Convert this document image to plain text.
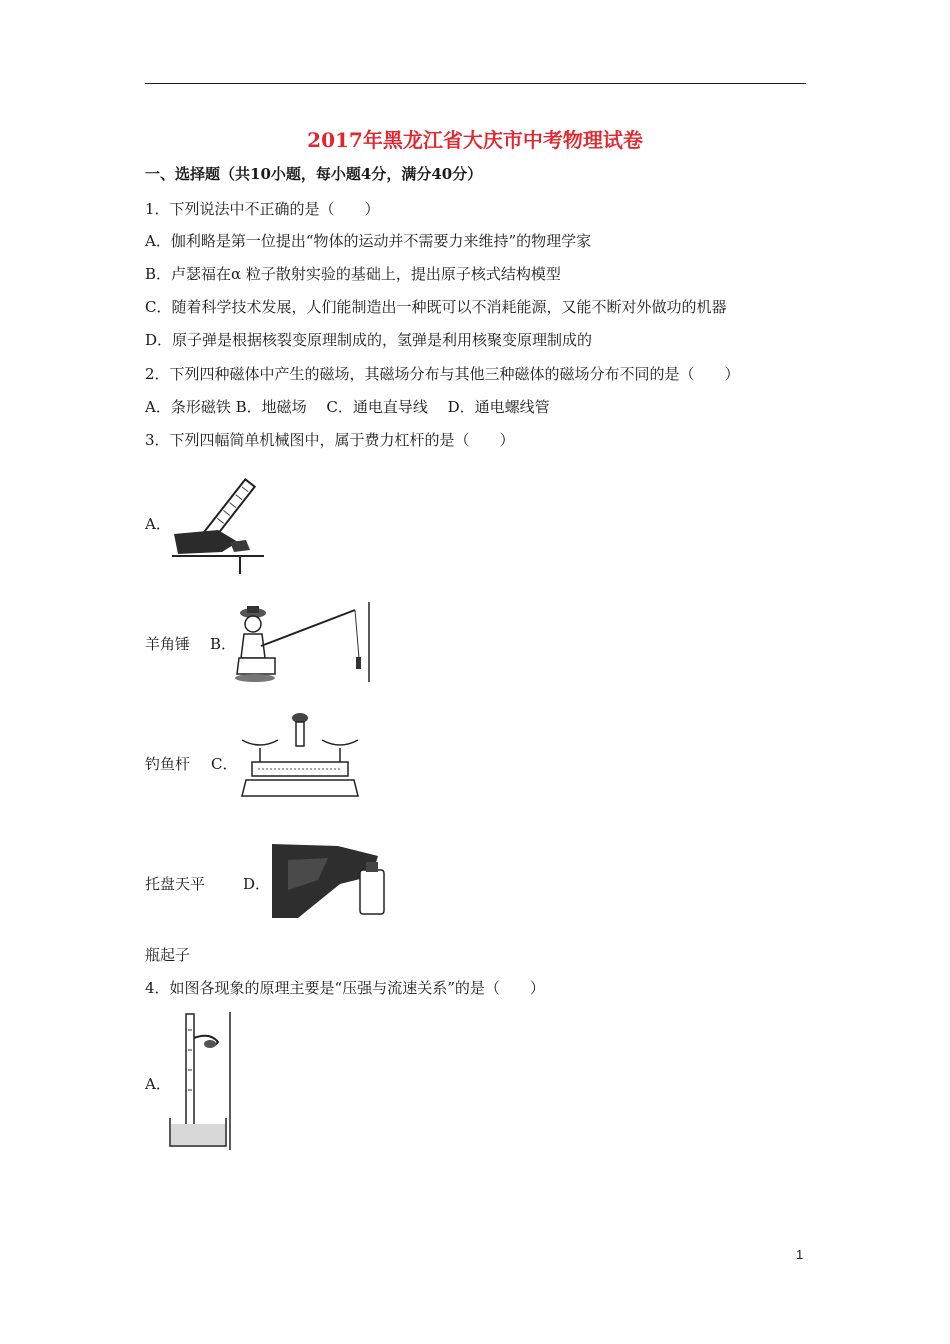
2017年黑龙江省大庆市中考物理试卷
一、选择题（共10小题，每小题4分，满分40分）
1．下列说法中不正确的是（　　）
A．伽利略是第一位提出“物体的运动并不需要力来维持”的物理学家
B．卢瑟福在α 粒子散射实验的基础上，提出原子核式结构模型
C．随着科学技术发展，人们能制造出一种既可以不消耗能源，又能不断对外做功的机器
D．原子弹是根据核裂变原理制成的，氢弹是利用核聚变原理制成的
2．下列四种磁体中产生的磁场，其磁场分布与其他三种磁体的磁场分布不同的是（　　）
A．条形磁铁 B．地磁场　 C．通电直导线　 D．通电螺线管
3．下列四幅简单机械图中，属于费力杠杆的是（　　）
A．
羊角锤 B．
钓鱼杆 C．
托盘天平	D．
瓶起子
4．如图各现象的原理主要是“压强与流速关系”的是（　　）
A．
1
